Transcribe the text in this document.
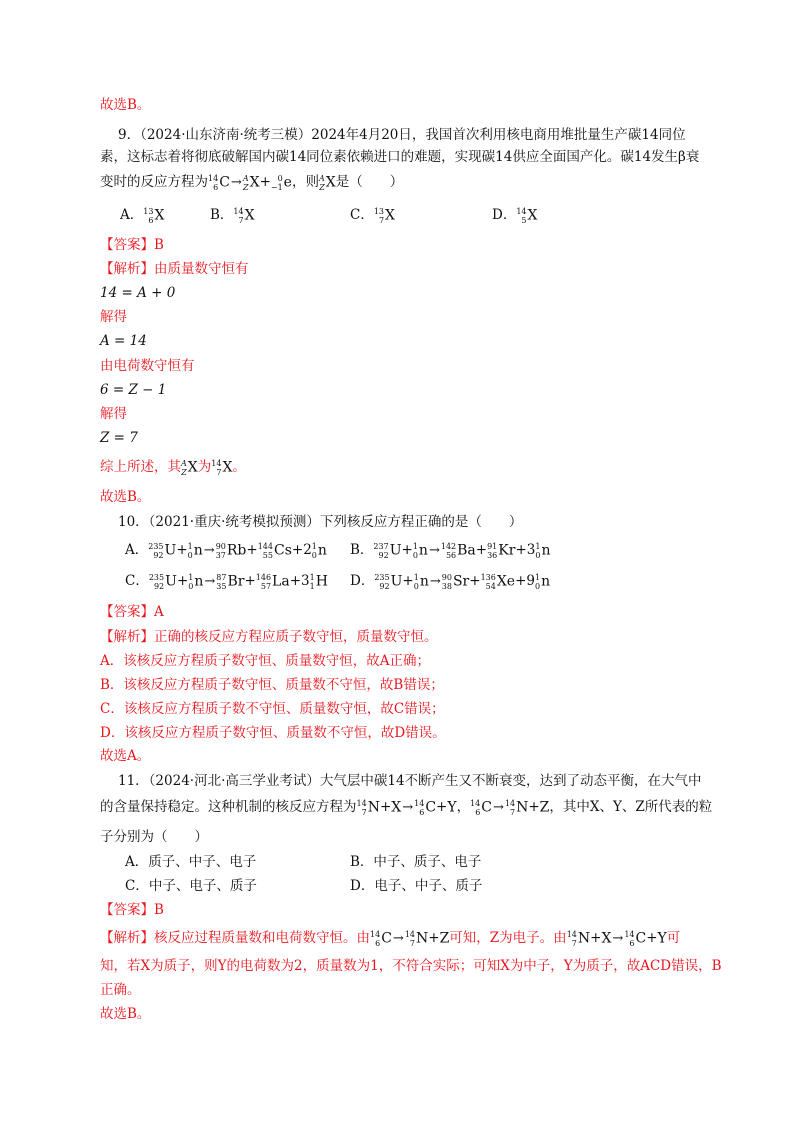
故选B。
9．（2024·山东济南·统考三模）2024年4月20日，我国首次利用核电商用堆批量生产碳14同位
素，这标志着将彻底破解国内碳14同位素依赖进口的难题，实现碳14供应全面国产化。碳14发生β衰
变时的反应方程为 14
6 C→ A
Z X+ 0
−1 e，则 A
Z X是（　　）
A． 13
6 X	B． 14
7 X	C． 13
7 X	D． 14
5 X
【答案】B
【解析】由质量数守恒有
14 = A + 0
解得
A = 14
由电荷数守恒有
6 = Z − 1
解得
Z = 7
综上所述，其 A
Z X为 14
7 X。
故选B。
10．（2021·重庆·统考模拟预测）下列核反应方程正确的是（　　）
A． 235
92 U+ 1
0 n→ 90
37 Rb+ 144
55 Cs+2 1
0 n B． 237
92 U+ 1
0 n→ 142
56 Ba+ 91
36 Kr+3 1
0 n
C． 235
92 U+ 1
0 n→ 87
35 Br+ 146
57 La+3 1
1 H D． 235
92 U+ 1
0 n→ 90
38 Sr+ 136
54 Xe+9 1
0 n
【答案】A
【解析】正确的核反应方程应质子数守恒，质量数守恒。
A．该核反应方程质子数守恒、质量数守恒，故A正确；
B．该核反应方程质子数守恒、质量数不守恒，故B错误；
C．该核反应方程质子数不守恒、质量数守恒，故C错误；
D．该核反应方程质子数守恒、质量数不守恒，故D错误。
故选A。
11．（2024·河北·高三学业考试）大气层中碳14不断产生又不断衰变，达到了动态平衡，在大气中
的含量保持稳定。这种机制的核反应方程为 14
7 N+X→ 14
6 C+Y， 14
6 C→ 14
7 N+Z，其中X、Y、Z所代表的粒
子分别为（　　）
A．质子、中子、电子	B．中子、质子、电子
C．中子、电子、质子	D．电子、中子、质子
【答案】B
【解析】核反应过程质量数和电荷数守恒。由 14
6 C→ 14
7 N+Z可知，Z为电子。由 14
7 N+X→ 14
6 C+Y可
知，若X为质子，则Y的电荷数为2，质量数为1，不符合实际；可知X为中子，Y为质子，故ACD错误，B
正确。
故选B。
